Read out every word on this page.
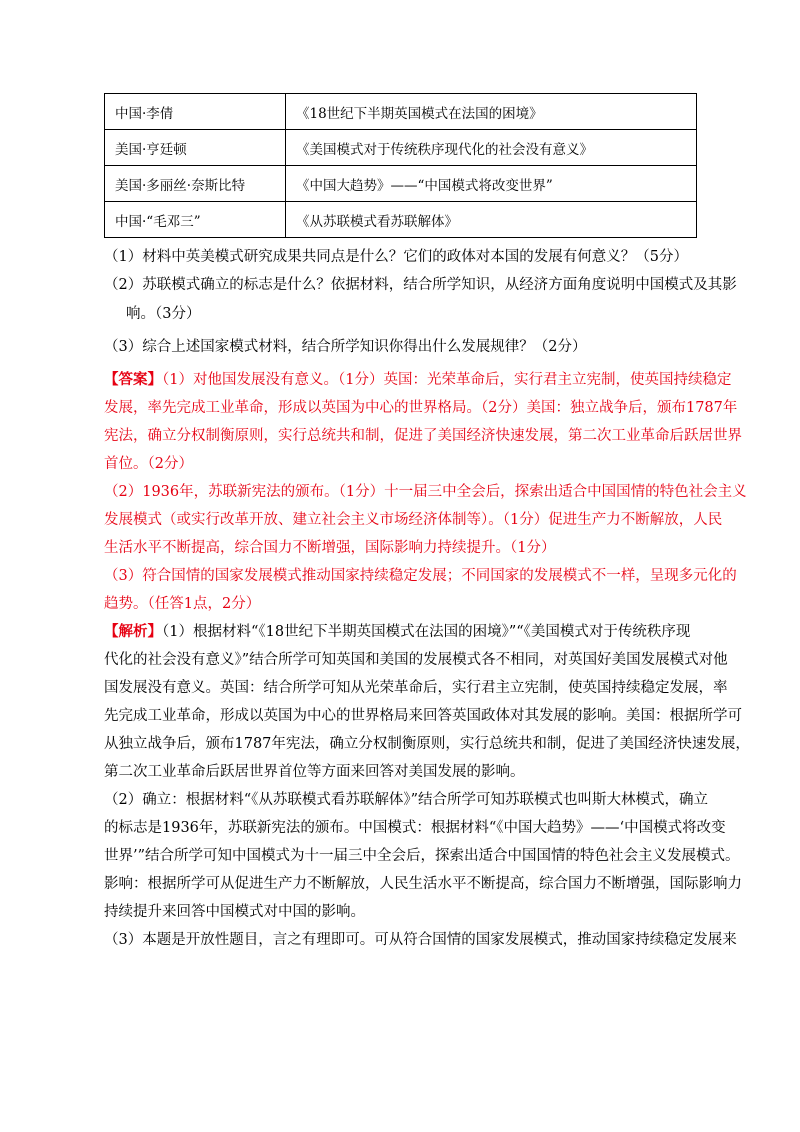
中国·李倩	《18世纪下半期英国模式在法国的困境》
美国·亨廷顿	《美国模式对于传统秩序现代化的社会没有意义》
美国·多丽丝·奈斯比特	《中国大趋势》——“中国模式将改变世界”
中国·“毛邓三”	《从苏联模式看苏联解体》
（1）材料中英美模式研究成果共同点是什么？它们的政体对本国的发展有何意义？（5分）
（2）苏联模式确立的标志是什么？依据材料，结合所学知识，从经济方面角度说明中国模式及其影
响。（3分）
（3）综合上述国家模式材料，结合所学知识你得出什么发展规律？（2分）

【答案】（1）对他国发展没有意义。（1分）英国：光荣革命后，实行君主立宪制，使英国持续稳定

发展，率先完成工业革命，形成以英国为中心的世界格局。（2分）美国：独立战争后，颁布1787年

宪法，确立分权制衡原则，实行总统共和制，促进了美国经济快速发展，第二次工业革命后跃居世界

首位。（2分）

（2）1936年，苏联新宪法的颁布。（1分）十一届三中全会后，探索出适合中国国情的特色社会主义

发展模式（或实行改革开放、建立社会主义市场经济体制等）。（1分）促进生产力不断解放，人民

生活水平不断提高，综合国力不断增强，国际影响力持续提升。（1分）

（3）符合国情的国家发展模式推动国家持续稳定发展；不同国家的发展模式不一样，呈现多元化的

趋势。（任答1点，2分）

【解析】（1）根据材料“《18世纪下半期英国模式在法国的困境》”“《美国模式对于传统秩序现

代化的社会没有意义》”结合所学可知英国和美国的发展模式各不相同，对英国好美国发展模式对他

国发展没有意义。英国：结合所学可知从光荣革命后，实行君主立宪制，使英国持续稳定发展，率

先完成工业革命，形成以英国为中心的世界格局来回答英国政体对其发展的影响。美国：根据所学可

从独立战争后，颁布1787年宪法，确立分权制衡原则，实行总统共和制，促进了美国经济快速发展，

第二次工业革命后跃居世界首位等方面来回答对美国发展的影响。

（2）确立：根据材料“《从苏联模式看苏联解体》”结合所学可知苏联模式也叫斯大林模式，确立

的标志是1936年，苏联新宪法的颁布。中国模式：根据材料“《中国大趋势》——‘中国模式将改变

世界’”结合所学可知中国模式为十一届三中全会后，探索出适合中国国情的特色社会主义发展模式。

影响：根据所学可从促进生产力不断解放，人民生活水平不断提高，综合国力不断增强，国际影响力

持续提升来回答中国模式对中国的影响。

（3）本题是开放性题目，言之有理即可。可从符合国情的国家发展模式，推动国家持续稳定发展来
